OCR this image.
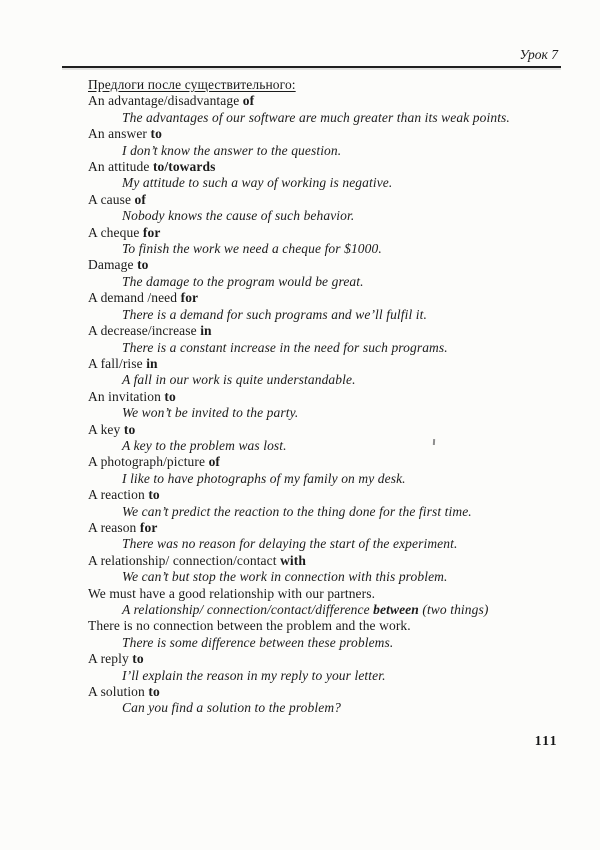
Урок 7
Предлоги после существительного:
An advantage/disadvantage of
The advantages of our software are much greater than its weak points.
An answer to
I don’t know the answer to the question.
An attitude to/towards
My attitude to such a way of working is negative.
A cause of
Nobody knows the cause of such behavior.
A cheque for
To finish the work we need a cheque for $1000.
Damage to
The damage to the program would be great.
A demand /need for
There is a demand for such programs and we’ll fulfil it.
A decrease/increase in
There is a constant increase in the need for such programs.
A fall/rise in
A fall in our work is quite understandable.
An invitation to
We won’t be invited to the party.
A key to
A key to the problem was lost.
A photograph/picture of
I like to have photographs of my family on my desk.
A reaction to
We can’t predict the reaction to the thing done for the first time.
A reason for
There was no reason for delaying the start of the experiment.
A relationship/ connection/contact with
We can’t but stop the work in connection with this problem.
We must have a good relationship with our partners.
A relationship/ connection/contact/difference between (two things)
There is no connection between the problem and the work.
There is some difference between these problems.
A reply to
I’ll explain the reason in my reply to your letter.
A solution to
Can you find a solution to the problem?
111
